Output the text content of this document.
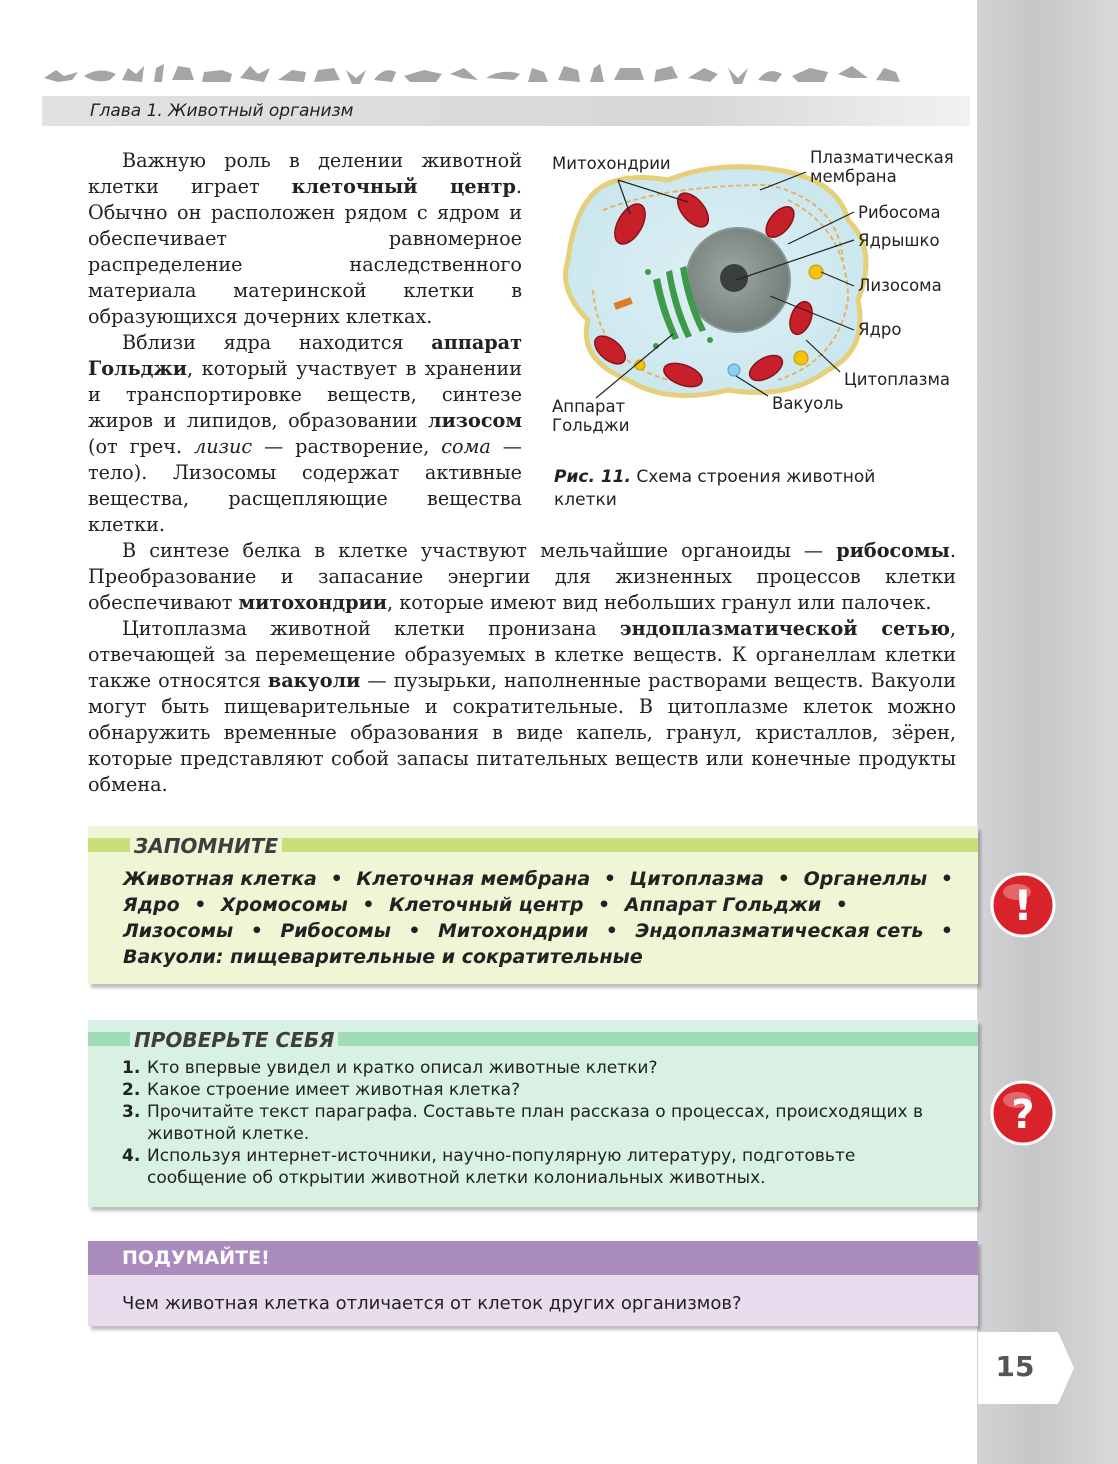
Глава 1. Животный организм

Важную роль в делении животной клетки играет клеточный центр. Обычно он расположен рядом с ядром и обеспечивает равномерное распределение наследственного материала материнской клетки в образующихся дочерних клетках.

Вблизи ядра находится аппарат Гольджи, который участвует в хранении и транспортировке веществ, синтезе жиров и липидов, образовании лизосом (от греч. лизис — растворение, сома — тело). Лизосомы содержат активные вещества, расщепляющие вещества клетки.

В синтезе белка в клетке участвуют мельчайшие органоиды — рибосомы. Преобразование и запасание энергии для жизненных процессов клетки обеспечивают митохондрии, которые имеют вид небольших гранул или палочек.

Цитоплазма животной клетки пронизана эндоплазматической сетью, отвечающей за перемещение образуемых в клетке веществ. К органеллам клетки также относятся вакуоли — пузырьки, наполненные растворами веществ. Вакуоли могут быть пищеварительные и сократительные. В цитоплазме клеток можно обнаружить временные образования в виде капель, гранул, кристаллов, зёрен, которые представляют собой запасы питательных веществ или конечные продукты обмена.

Митохондрии	Плазматическая мембрана
Рибосома
Ядрышко
Лизосома
Ядро
Цитоплазма
Вакуоль
Аппарат Гольджи
Рис. 11. Схема строения животной клетки
ЗАПОМНИТЕ
Животная клетка • Клеточная мембрана • Цитоплазма • Органеллы •
Ядро • Хромосомы • Клеточный центр • Аппарат Гольджи •
Лизосомы • Рибосомы • Митохондрии • Эндоплазматическая сеть •
Вакуоли: пищеварительные и сократительные
!
ПРОВЕРЬТЕ СЕБЯ
1. Кто впервые увидел и кратко описал животные клетки?
2. Какое строение имеет животная клетка?
3. Прочитайте текст параграфа. Составьте план рассказа о процессах, происходящих в животной клетке.
4. Используя интернет-источники, научно-популярную литературу, подготовьте сообщение об открытии животной клетки колониальных животных.
?
ПОДУМАЙТЕ!
Чем животная клетка отличается от клеток других организмов?
15
